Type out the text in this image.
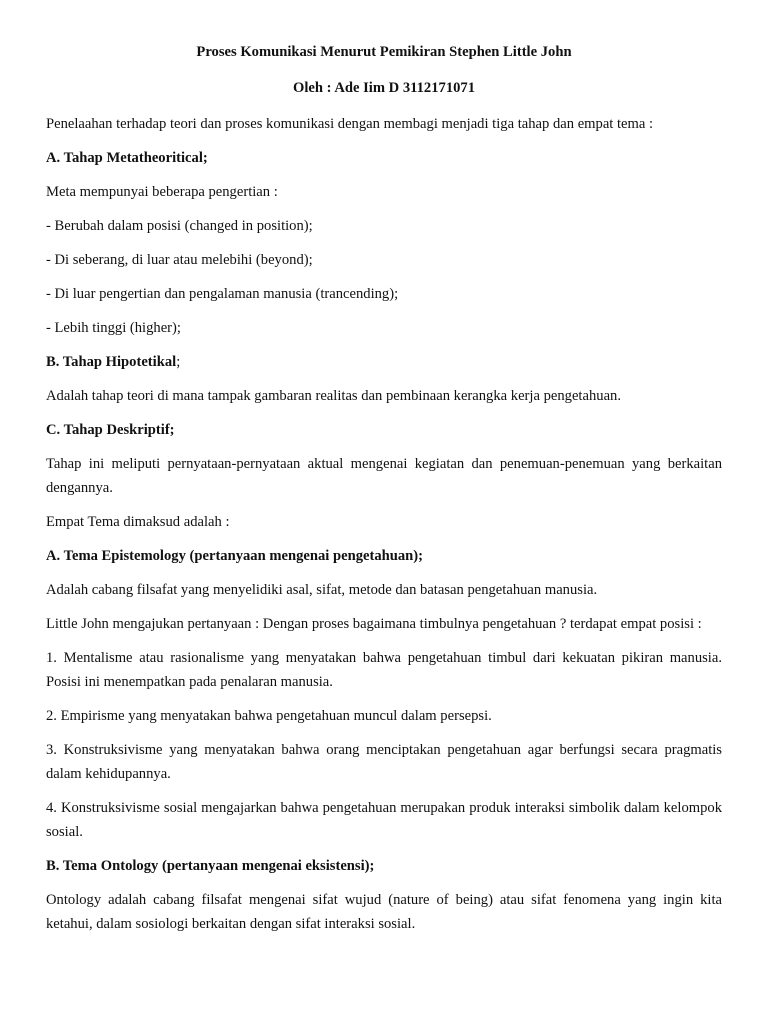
Proses Komunikasi Menurut Pemikiran Stephen Little John
Oleh : Ade Iim D 3112171071
Penelaahan terhadap teori dan proses komunikasi dengan membagi menjadi tiga tahap dan empat tema :
A. Tahap Metatheoritical;
Meta mempunyai beberapa pengertian :
- Berubah dalam posisi (changed in position);
- Di seberang, di luar atau melebihi (beyond);
- Di luar pengertian dan pengalaman manusia (trancending);
- Lebih tinggi (higher);
B. Tahap Hipotetikal;
Adalah tahap teori di mana tampak gambaran realitas dan pembinaan kerangka kerja pengetahuan.
C. Tahap Deskriptif;
Tahap ini meliputi pernyataan-pernyataan aktual mengenai kegiatan dan penemuan-penemuan yang berkaitan dengannya.
Empat Tema dimaksud adalah :
A. Tema Epistemology (pertanyaan mengenai pengetahuan);
Adalah cabang filsafat yang menyelidiki asal, sifat, metode dan batasan pengetahuan manusia.
Little John mengajukan pertanyaan : Dengan proses bagaimana timbulnya pengetahuan ? terdapat empat posisi :
1. Mentalisme atau rasionalisme yang menyatakan bahwa pengetahuan timbul dari kekuatan pikiran manusia. Posisi ini menempatkan pada penalaran manusia.
2. Empirisme yang menyatakan bahwa pengetahuan muncul dalam persepsi.
3. Konstruksivisme yang menyatakan bahwa orang menciptakan pengetahuan agar berfungsi secara pragmatis dalam kehidupannya.
4. Konstruksivisme sosial mengajarkan bahwa pengetahuan merupakan produk interaksi simbolik dalam kelompok sosial.
B. Tema Ontology (pertanyaan mengenai eksistensi);
Ontology adalah cabang filsafat mengenai sifat wujud (nature of being) atau sifat fenomena yang ingin kita ketahui, dalam sosiologi berkaitan dengan sifat interaksi sosial.
